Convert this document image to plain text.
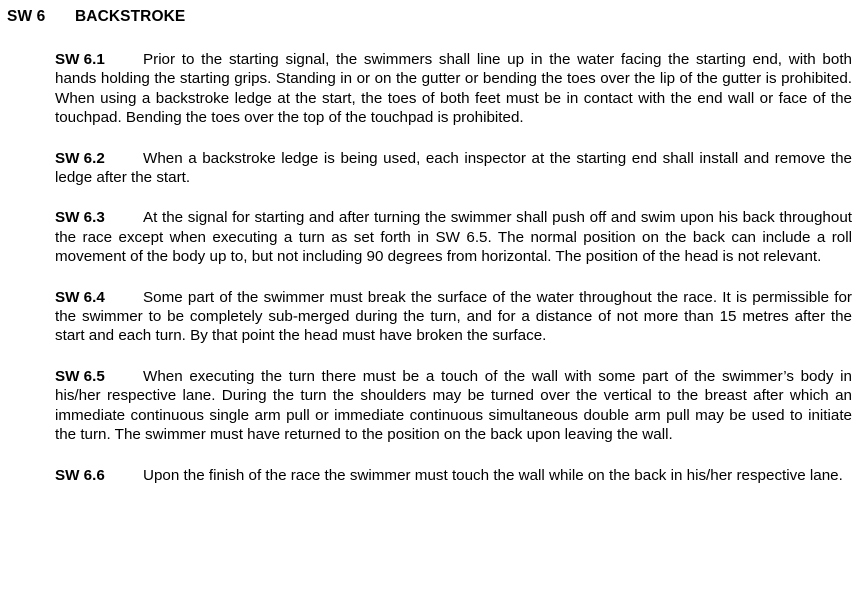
SW 6 BACKSTROKE

SW 6.1	Prior to the starting signal, the swimmers shall line up in the water facing the starting end, with both hands holding the starting grips. Standing in or on the gutter or bending the toes over the lip of the gutter is prohibited. When using a backstroke ledge at the start, the toes of both feet must be in contact with the end wall or face of the touchpad. Bending the toes over the top of the touchpad is prohibited.

SW 6.2	When a backstroke ledge is being used, each inspector at the starting end shall install and remove the ledge after the start.

SW 6.3	At the signal for starting and after turning the swimmer shall push off and swim upon his back throughout the race except when executing a turn as set forth in SW 6.5. The normal position on the back can include a roll movement of the body up to, but not including 90 degrees from horizontal. The position of the head is not relevant.

SW 6.4	Some part of the swimmer must break the surface of the water throughout the race. It is permissible for the swimmer to be completely sub-merged during the turn, and for a distance of not more than 15 metres after the start and each turn. By that point the head must have broken the surface.

SW 6.5	When executing the turn there must be a touch of the wall with some part of the swimmer’s body in his/her respective lane. During the turn the shoulders may be turned over the vertical to the breast after which an immediate continuous single arm pull or immediate continuous simultaneous double arm pull may be used to initiate the turn. The swimmer must have returned to the position on the back upon leaving the wall.

SW 6.6	Upon the finish of the race the swimmer must touch the wall while on the back in his/her respective lane.
